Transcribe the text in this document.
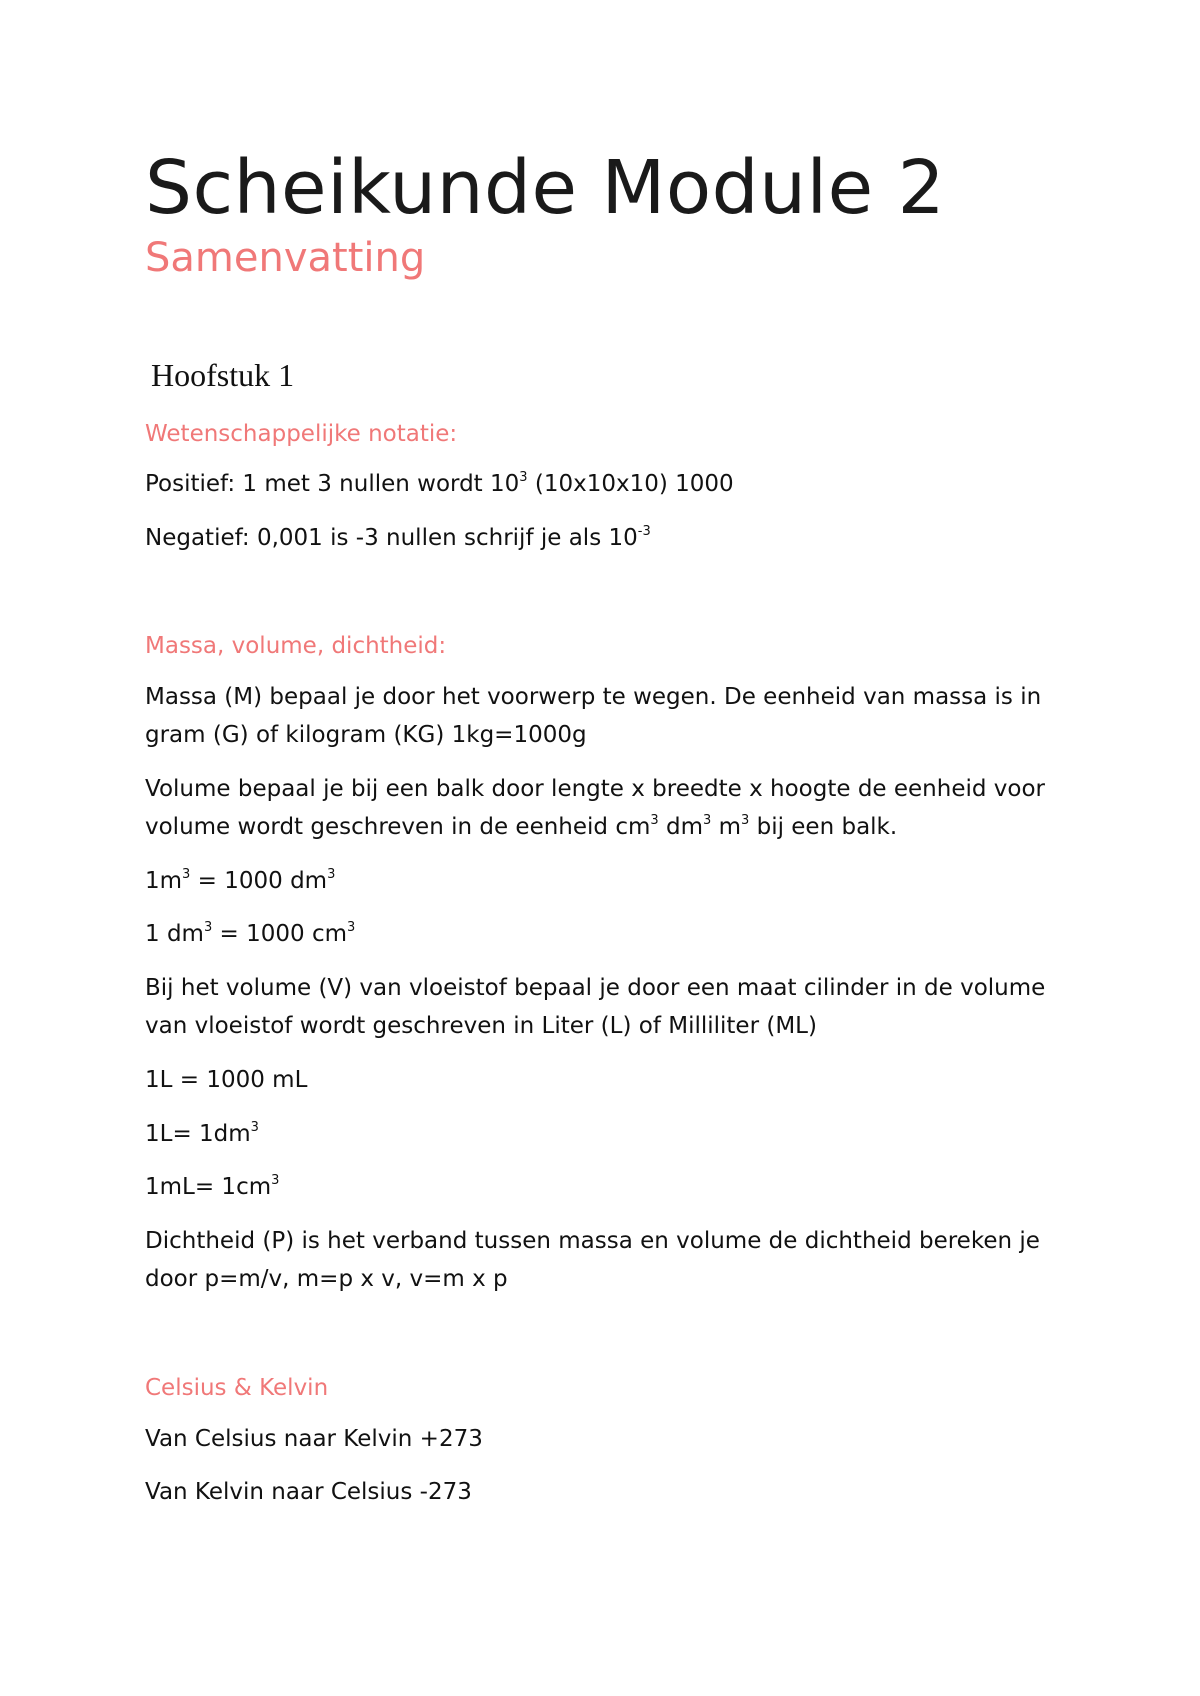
Scheikunde Module 2
Samenvatting
Hoofstuk 1
Wetenschappelijke notatie:
Positief: 1 met 3 nullen wordt $10^3$ (10x10x10) 1000
Negatief: 0,001 is -3 nullen schrijf je als $10^{-3}$
Massa, volume, dichtheid:
Massa (M) bepaal je door het voorwerp te wegen. De eenheid van massa is in gram (G) of kilogram (KG) 1kg=1000g
Volume bepaal je bij een balk door lengte x breedte x hoogte de eenheid voor volume wordt geschreven in de eenheid $cm^3$ $dm^3$ $m^3$ bij een balk.
$1m^3 = 1000$ $dm^3$
1 $dm^3 = 1000$ $cm^3$
Bij het volume (V) van vloeistof bepaal je door een maat cilinder in de volume van vloeistof wordt geschreven in Liter (L) of Milliliter (ML)
1L = 1000 mL
$1L= 1dm^3$
$1mL= 1cm^3$
Dichtheid (P) is het verband tussen massa en volume de dichtheid bereken je door p=m/v, m=p x v, v=m x p
Celsius & Kelvin
Van Celsius naar Kelvin +273
Van Kelvin naar Celsius -273
